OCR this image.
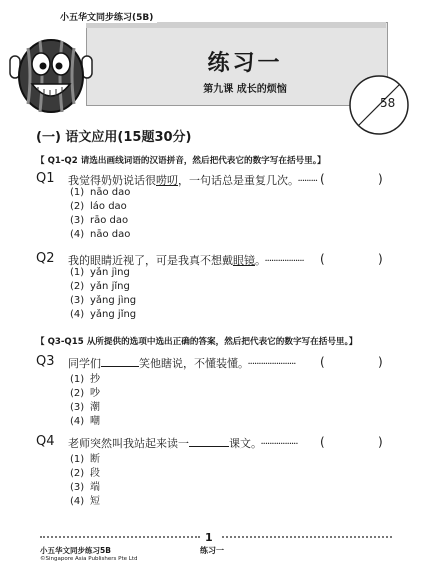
小五华文同步练习(5B)
练习一
第九课 成长的烦恼
58
(一) 语文应用(15题30分)
【 Q1-Q2 请选出画线词语的汉语拼音，然后把代表它的数字写在括号里。】
Q1 我觉得奶奶说话很唠叨，一句话总是重复几次。 ········· (	)
(1) nāo dao
(2) láo dao
(3) rāo dao
(4) nāo dao
Q2 我的眼睛近视了，可是我真不想戴眼镜。 ·················· (	)
(1) yǎn jìng
(2) yǎn jǐng
(3) yǎng jìng
(4) yǎng jǐng
【 Q3-Q15 从所提供的选项中选出正确的答案，然后把代表它的数字写在括号里。】
Q3 同学们	笑他瞎说，不懂装懂。 ······················ (	)
(1) 抄
(2) 吵
(3) 潮
(4) 嘲
Q4 老师突然叫我站起来读一	课文。 ················· (	)
(1) 断
(2) 段
(3) 端
(4) 短
1
小五华文同步练习5B
©Singapore Asia Publishers Pte Ltd
练习一
